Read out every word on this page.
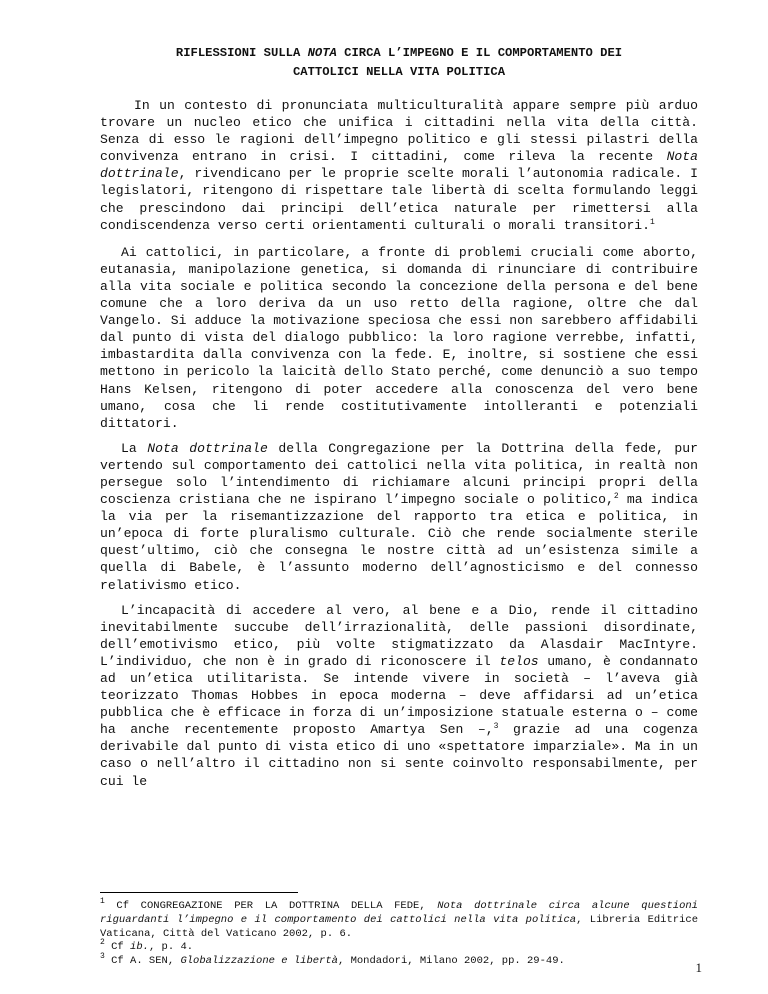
RIFLESSIONI SULLA NOTA CIRCA L’IMPEGNO E IL COMPORTAMENTO DEI
CATTOLICI NELLA VITA POLITICA

In un contesto di pronunciata multiculturalità appare sempre più arduo trovare un nucleo etico che unifica i cittadini nella vita della città. Senza di esso le ragioni dell’impegno politico e gli stessi pilastri della convivenza entrano in crisi. I cittadini, come rileva la recente Nota dottrinale, rivendicano per le proprie scelte morali l’autonomia radicale. I legislatori, ritengono di rispettare tale libertà di scelta formulando leggi che prescindono dai principi dell’etica naturale per rimettersi alla condiscendenza verso certi orientamenti culturali o morali transitori.$^1$

Ai cattolici, in particolare, a fronte di problemi cruciali come aborto, eutanasia, manipolazione genetica, si domanda di rinunciare di contribuire alla vita sociale e politica secondo la concezione della persona e del bene comune che a loro deriva da un uso retto della ragione, oltre che dal Vangelo. Si adduce la motivazione speciosa che essi non sarebbero affidabili dal punto di vista del dialogo pubblico: la loro ragione verrebbe, infatti, imbastardita dalla convivenza con la fede. E, inoltre, si sostiene che essi mettono in pericolo la laicità dello Stato perché, come denunciò a suo tempo Hans Kelsen, ritengono di poter accedere alla conoscenza del vero bene umano, cosa che li rende costitutivamente intolleranti e potenziali dittatori.

La Nota dottrinale della Congregazione per la Dottrina della fede, pur vertendo sul comportamento dei cattolici nella vita politica, in realtà non persegue solo l’intendimento di richiamare alcuni principi propri della coscienza cristiana che ne ispirano l’impegno sociale o politico,$^2$ ma indica la via per la risemantizzazione del rapporto tra etica e politica, in un’epoca di forte pluralismo culturale. Ciò che rende socialmente sterile quest’ultimo, ciò che consegna le nostre città ad un’esistenza simile a quella di Babele, è l’assunto moderno dell’agnosticismo e del connesso relativismo etico.

L’incapacità di accedere al vero, al bene e a Dio, rende il cittadino inevitabilmente succube dell’irrazionalità, delle passioni disordinate, dell’emotivismo etico, più volte stigmatizzato da Alasdair MacIntyre. L’individuo, che non è in grado di riconoscere il telos umano, è condannato ad un’etica utilitarista. Se intende vivere in società – l’aveva già teorizzato Thomas Hobbes in epoca moderna – deve affidarsi ad un’etica pubblica che è efficace in forza di un’imposizione statuale esterna o – come ha anche recentemente proposto Amartya Sen –,$^3$ grazie ad una cogenza derivabile dal punto di vista etico di uno «spettatore imparziale». Ma in un caso o nell’altro il cittadino non si sente coinvolto responsabilmente, per cui le

$^1$ Cf CONGREGAZIONE PER LA DOTTRINA DELLA FEDE, Nota dottrinale circa alcune questioni riguardanti l’impegno e il comportamento dei cattolici nella vita politica, Libreria Editrice Vaticana, Città del Vaticano 2002, p. 6.

$^2$ Cf ib., p. 4.

$^3$ Cf A. SEN, Globalizzazione e libertà, Mondadori, Milano 2002, pp. 29-49.	1
